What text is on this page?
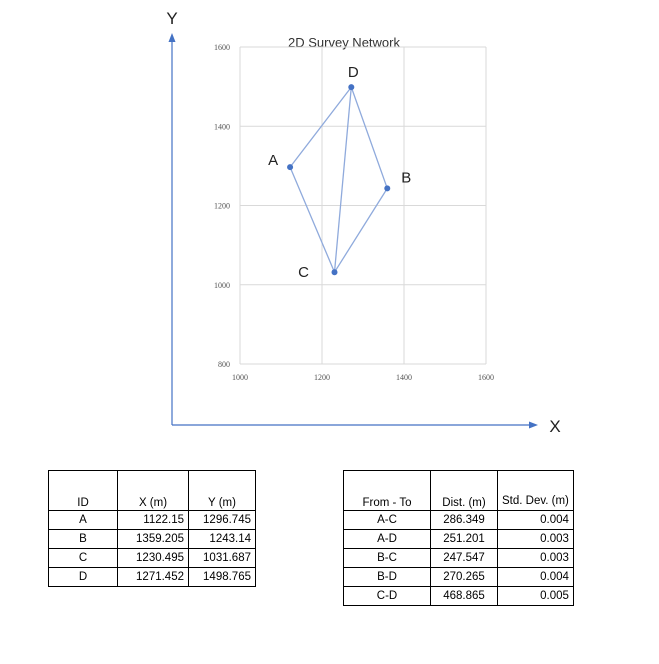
Y
X
2D Survey Network
1000	1200	1400	1600
800
1000
1200
1400
1600
A
B
C
D
ID	X (m)	Y (m)
A	1122.15	1296.745
B	1359.205	1243.14
C	1230.495	1031.687
D	1271.452	1498.765
From - To	Dist. (m)	Std. Dev. (m)
A-C	286.349	0.004
A-D	251.201	0.003
B-C	247.547	0.003
B-D	270.265	0.004
C-D	468.865	0.005
